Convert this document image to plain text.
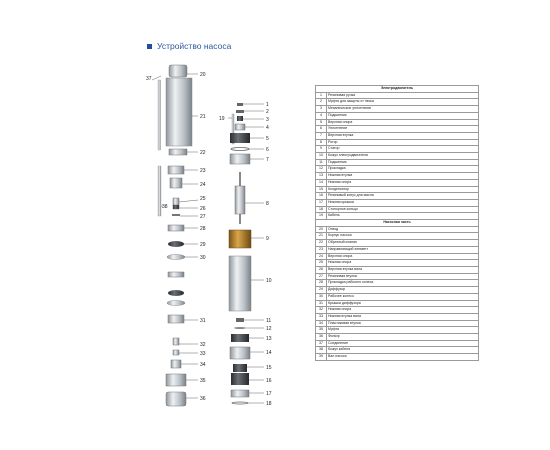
Устройство насоса
37
20
21
22
23
24
38
25
26
27
28
29
30
31
32
33
34
35
36
1
2
19	3
4
5
6
7
8
9
10
11
12
13
14
15
16
17
18
Электродвигатель	
1	Резиновая ручка
2	Муфта для защиты от песка
3	Механическое уплотнение
4	Подшипник
5	Верхняя опора
6	Уплотнение
7	Верхняя втулка
8	Ротор
9	Статор
10	Кожух электродвигателя
11	Подшипник
12	Прокладка
13	Нижняя втулка
14	Нижняя опора
15	Конденсатор
16	Резиновый конус для масла
17	Нижняя крышка
18	Стопорное кольцо
19	Кабель
Насосная часть	
20	Отвод
21	Корпус насоса
22	Обратный клапан
23	Направляющий элемент
24	Верхняя опора
25	Нижняя опора
26	Верхняя втулка вала
27	Резиновая втулка
28	Прокладка рабочего колеса
29	Диффузор
30	Рабочее колесо
31	Крышка диффузора
32	Нижняя опора
33	Нижняя втулка вала
34	Пластиковая втулка
35	Муфта
36	Фильтр
37	Соединение
38	Кожух кабеля
39	Вал насоса
